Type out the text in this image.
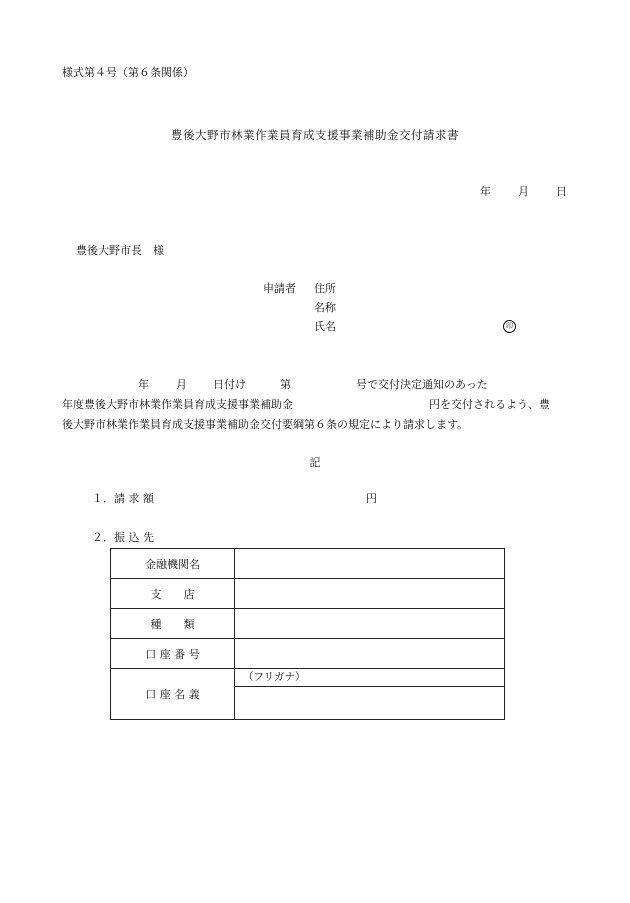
様式第４号（第６条関係）
豊後大野市林業作業員育成支援事業補助金交付請求書
年 月 日
豊後大野市長　様
申請者 住所
名称
氏名	印
年 月 日付け	第	号で交付決定通知のあった
年度豊後大野市林業作業員育成支援事業補助金	円を交付されるよう、豊
後大野市林業作業員育成支援事業補助金交付要綱第６条の規定により請求します。
記
１．請 求 額	円
２．振 込 先
金融機関名	
支　　店	
種　　類	
口 座 番 号	
口 座 名 義	（フリガナ）
